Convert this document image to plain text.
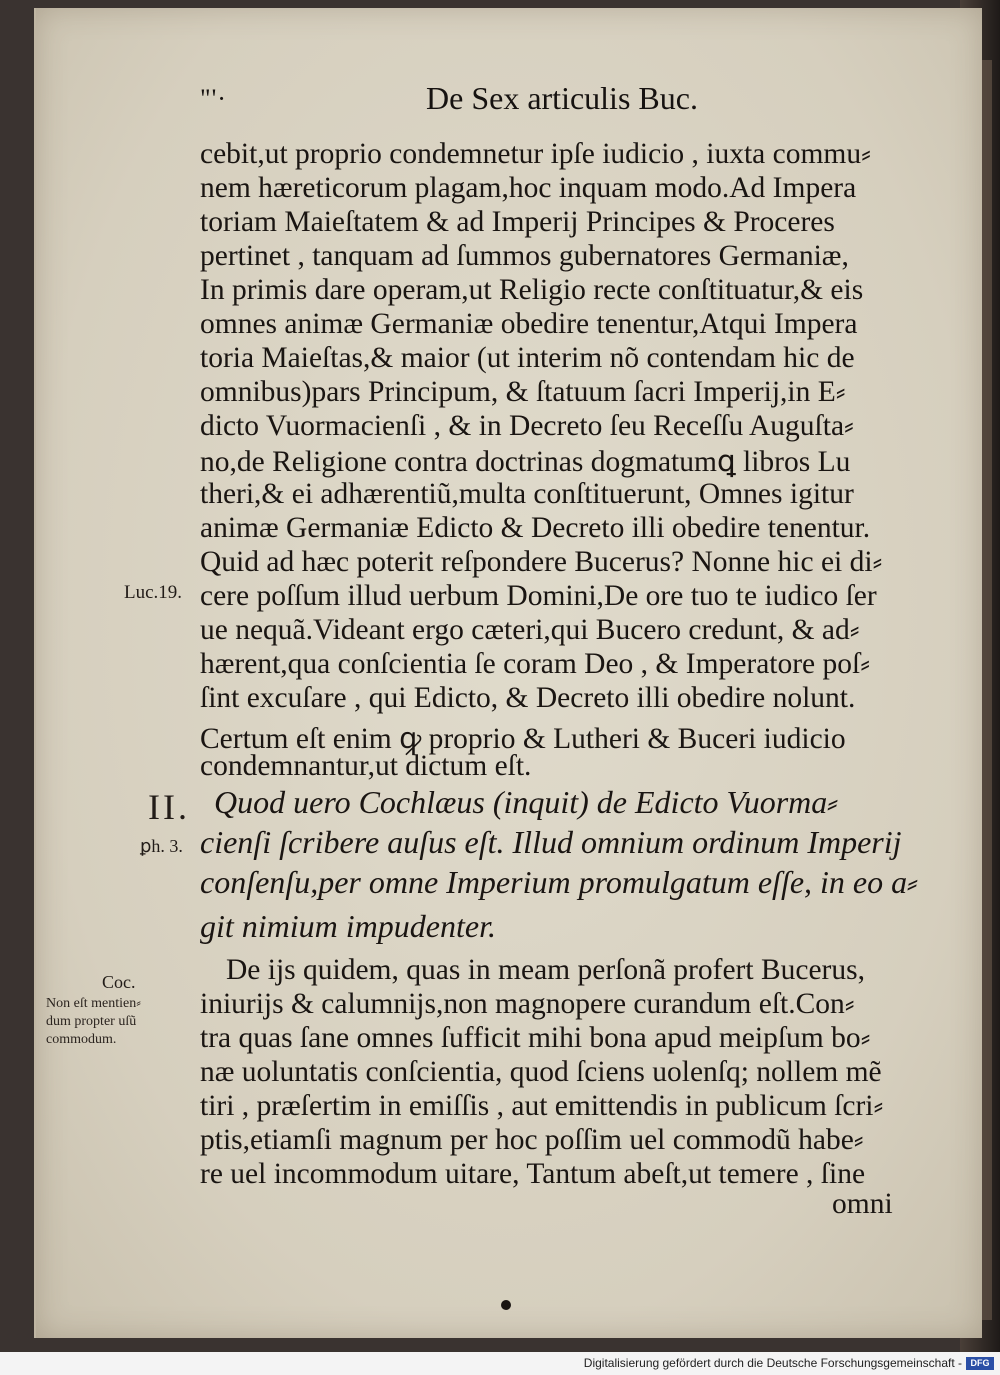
"'·	De Sex articulis Buc.
cebit,ut proprio condemnetur ipſe iudicio , iuxta commu⸗
nem hæreticorum plagam,hoc inquam modo.Ad Impera
toriam Maieſtatem & ad Imperij Principes & Proceres
pertinet , tanquam ad ſummos gubernatores Germaniæ,
In primis dare operam,ut Religio recte conſtituatur,& eis
omnes animæ Germaniæ obedire tenentur,Atqui Impera
toria Maieſtas,& maior (ut interim nõ contendam hic de
omnibus)pars Principum, & ſtatuum ſacri Imperij,in E⸗
dicto Vuormacienſi , & in Decreto ſeu Receſſu Auguſta⸗
no,de Religione contra doctrinas dogmatumꝗ libros Lu
theri,& ei adhærentiũ,multa conſtituerunt, Omnes igitur
animæ Germaniæ Edicto & Decreto illi obedire tenentur.
Quid ad hæc poterit reſpondere Bucerus? Nonne hic ei di⸗
cere poſſum illud uerbum Domini,De ore tuo te iudico ſer
ue nequã.Videant ergo cæteri,qui Bucero credunt, & ad⸗
hærent,qua conſcientia ſe coram Deo , & Imperatore poſ⸗
ſint excuſare , qui Edicto, & Decreto illi obedire nolunt.
Certum eſt enim ꝙ proprio & Lutheri & Buceri iudicio
condemnantur,ut dictum eſt.
Quod uero Cochlæus (inquit) de Edicto Vuorma⸗
cienſi ſcribere auſus eſt. Illud omnium ordinum Imperij
conſenſu,per omne Imperium promulgatum eſſe, in eo a⸗
git nimium impudenter.
De ijs quidem, quas in meam perſonã profert Bucerus,
iniurijs & calumnijs,non magnopere curandum eſt.Con⸗
tra quas ſane omnes ſufficit mihi bona apud meipſum bo⸗
næ uoluntatis conſcientia, quod ſciens uolenſq; nollem mẽ
tiri , præſertim in emiſſis , aut emittendis in publicum ſcri⸗
ptis,etiamſi magnum per hoc poſſim uel commodũ habe⸗
re uel incommodum uitare, Tantum abeſt,ut temere , ſine
omni
Luc.19.
II.
ꝑh. 3.
Coc.
Non eſt mentien⸗
dum propter uſũ
commodum.
Digitalisierung gefördert durch die Deutsche Forschungsgemeinschaft - DFG
